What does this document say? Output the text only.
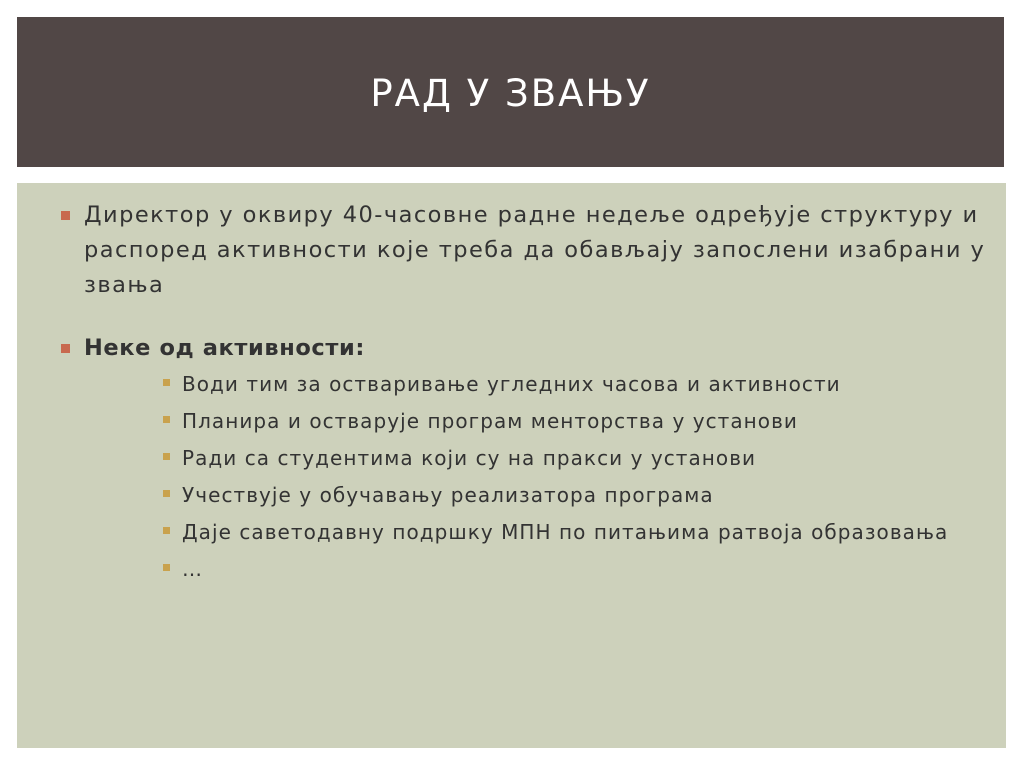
РАД У ЗВАЊУ
Директор у оквиру 40-часовне радне недеље одређује структуру и распоред активности које треба да обављају запослени изабрани у звања
Неке од активности:
Води тим за остваривање угледних часова и активности
Планира и остварује програм менторства у установи
Ради са студентима који су на пракси у установи
Учествује у обучавању реализатора програма
Даје саветодавну подршку МПН по питањима ратвоја образовања
…
